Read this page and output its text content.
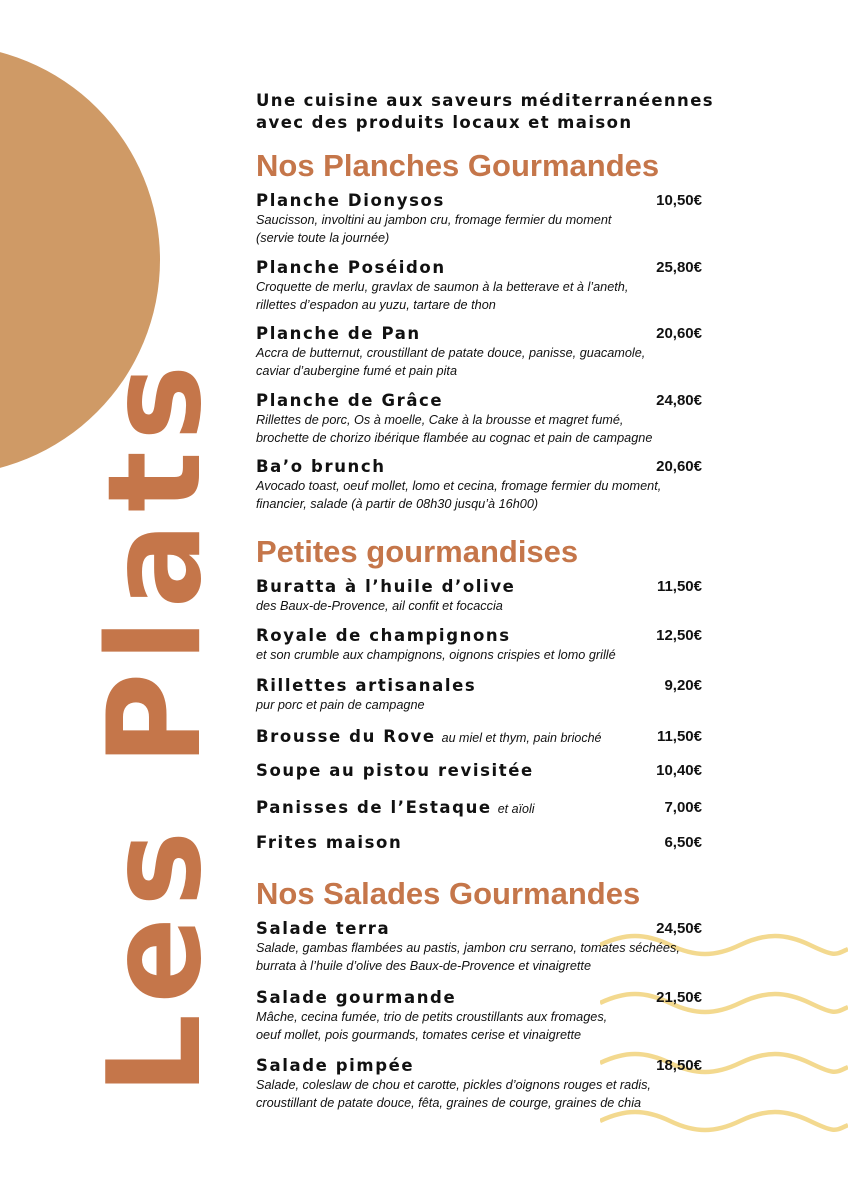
Les Plats
Une cuisine aux saveurs méditerranéennes
avec des produits locaux et maison
Nos Planches Gourmandes
Planche Dionysos	10,50€
Saucisson, involtini au jambon cru, fromage fermier du moment
(servie toute la journée)
Planche Poséidon	25,80€
Croquette de merlu, gravlax de saumon à la betterave et à l’aneth,
rillettes d’espadon au yuzu, tartare de thon
Planche de Pan	20,60€
Accra de butternut, croustillant de patate douce, panisse, guacamole,
caviar d’aubergine fumé et pain pita
Planche de Grâce	24,80€
Rillettes de porc, Os à moelle, Cake à la brousse et magret fumé,
brochette de chorizo ibérique flambée au cognac et pain de campagne
Ba’o brunch	20,60€
Avocado toast, oeuf mollet, lomo et cecina, fromage fermier du moment,
financier, salade (à partir de 08h30 jusqu’à 16h00)
Petites gourmandises
Buratta à l’huile d’olive	11,50€
des Baux-de-Provence, ail confit et focaccia
Royale de champignons	12,50€
et son crumble aux champignons, oignons crispies et lomo grillé
Rillettes artisanales	9,20€
pur porc et pain de campagne
Brousse du Rove au miel et thym, pain brioché	11,50€
Soupe au pistou revisitée	10,40€
Panisses de l’Estaque et aïoli	7,00€
Frites maison	6,50€
Nos Salades Gourmandes
Salade terra	24,50€
Salade, gambas flambées au pastis, jambon cru serrano, tomates séchées,
burrata à l’huile d’olive des Baux-de-Provence et vinaigrette
Salade gourmande	21,50€
Mâche, cecina fumée, trio de petits croustillants aux fromages,
oeuf mollet, pois gourmands, tomates cerise et vinaigrette
Salade pimpée	18,50€
Salade, coleslaw de chou et carotte, pickles d’oignons rouges et radis,
croustillant de patate douce, fêta, graines de courge, graines de chia
